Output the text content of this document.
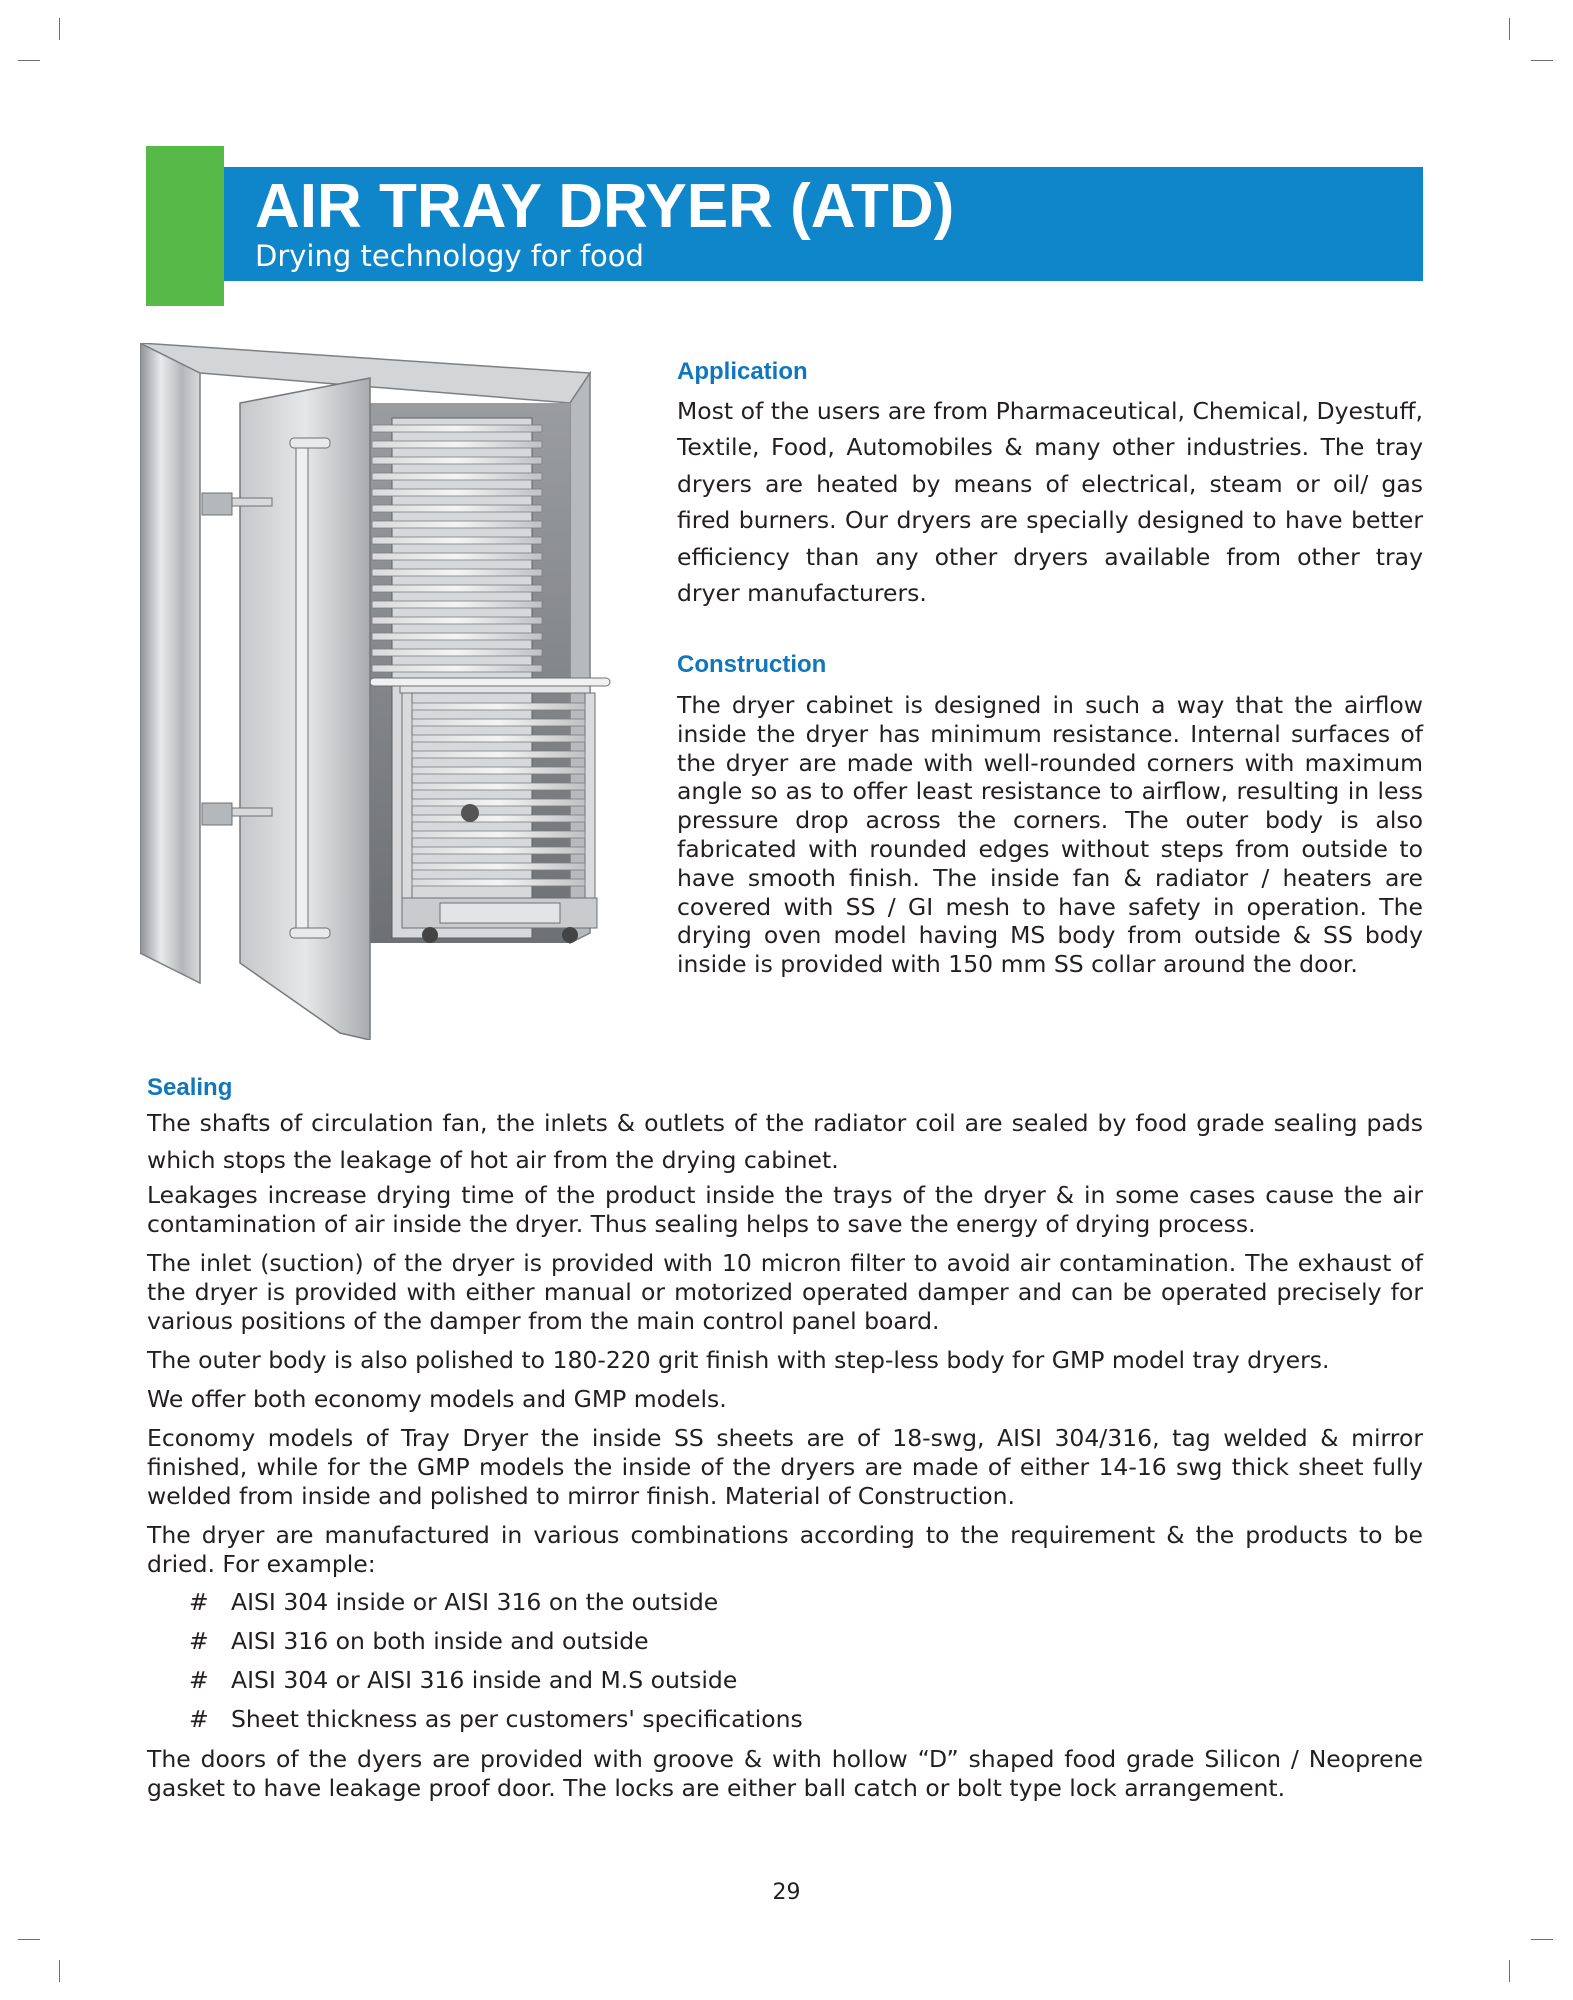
AIR TRAY DRYER (ATD)
Drying technology for food
Application

Most of the users are from Pharmaceutical, Chemical, Dyestuff, Textile, Food, Automobiles & many other industries. The tray dryers are heated by means of electrical, steam or oil/ gas fired burners. Our dryers are specially designed to have better efficiency than any other dryers available from other tray dryer manufacturers.

Construction

The dryer cabinet is designed in such a way that the airflow inside the dryer has minimum resistance. Internal surfaces of the dryer are made with well-rounded corners with maximum angle so as to offer least resistance to airflow, resulting in less pressure drop across the corners. The outer body is also fabricated with rounded edges without steps from outside to have smooth finish. The inside fan & radiator / heaters are covered with SS / GI mesh to have safety in operation. The drying oven model having MS body from outside & SS body inside is provided with 150 mm SS collar around the door.

Sealing

The shafts of circulation fan, the inlets & outlets of the radiator coil are sealed by food grade sealing pads which stops the leakage of hot air from the drying cabinet.

Leakages increase drying time of the product inside the trays of the dryer & in some cases cause the air contamination of air inside the dryer. Thus sealing helps to save the energy of drying process.

The inlet (suction) of the dryer is provided with 10 micron filter to avoid air contamination. The exhaust of the dryer is provided with either manual or motorized operated damper and can be operated precisely for various positions of the damper from the main control panel board.

The outer body is also polished to 180-220 grit finish with step-less body for GMP model tray dryers.

We offer both economy models and GMP models.

Economy models of Tray Dryer the inside SS sheets are of 18-swg, AISI 304/316, tag welded & mirror finished, while for the GMP models the inside of the dryers are made of either 14-16 swg thick sheet fully welded from inside and polished to mirror finish. Material of Construction.

The dryer are manufactured in various combinations according to the requirement & the products to be dried. For example:

# AISI 304 inside or AISI 316 on the outside
# AISI 316 on both inside and outside
# AISI 304 or AISI 316 inside and M.S outside
# Sheet thickness as per customers' specifications

The doors of the dyers are provided with groove & with hollow “D” shaped food grade Silicon / Neoprene gasket to have leakage proof door. The locks are either ball catch or bolt type lock arrangement.

29
